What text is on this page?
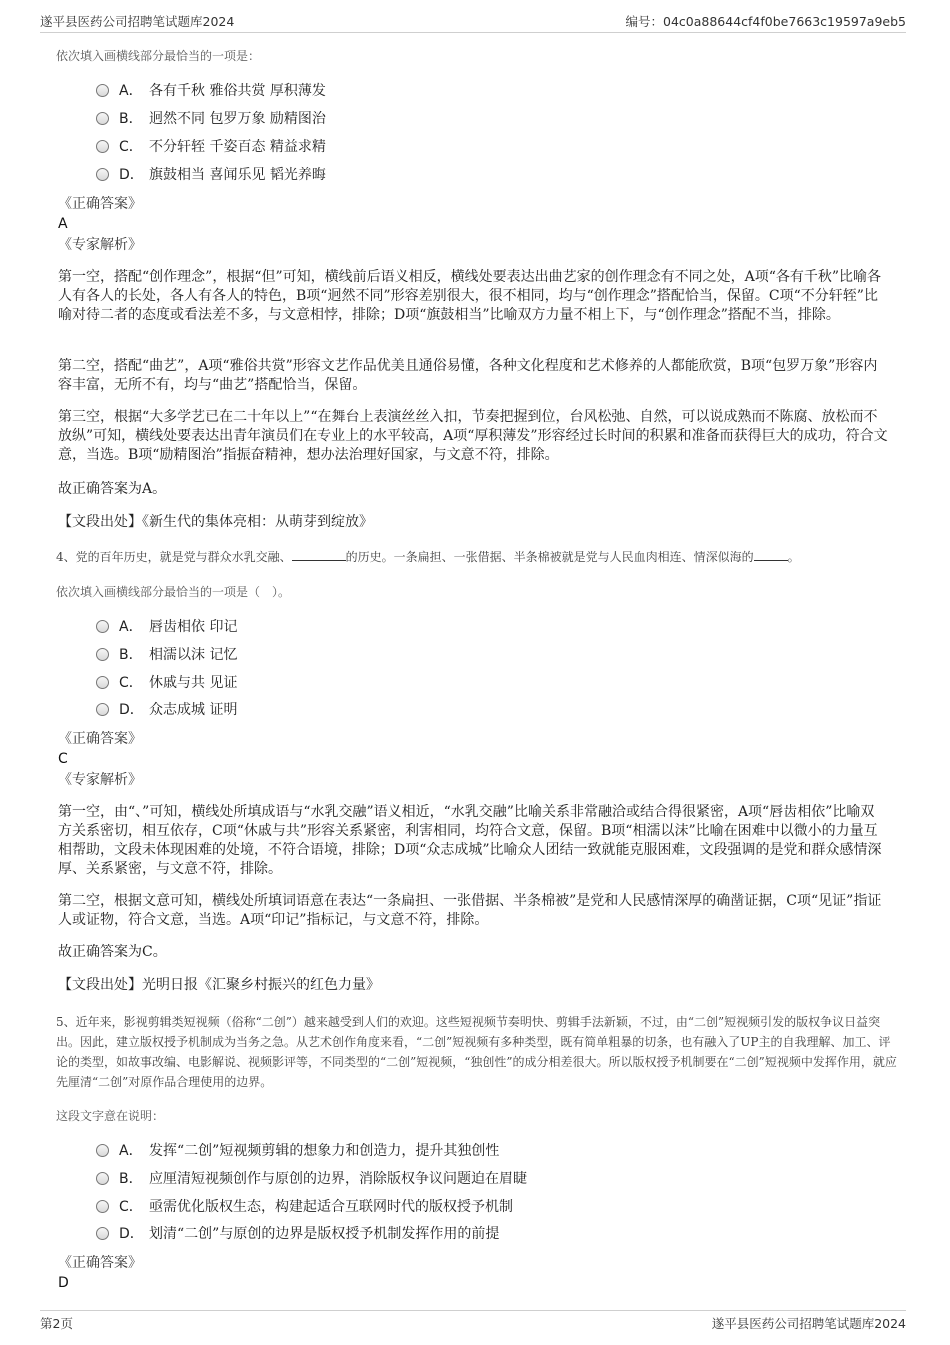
遂平县医药公司招聘笔试题库2024	编号：04c0a88644cf4f0be7663c19597a9eb5
依次填入画横线部分最恰当的一项是：
A． 各有千秋 雅俗共赏 厚积薄发
B． 迥然不同 包罗万象 励精图治
C． 不分轩轾 千姿百态 精益求精
D． 旗鼓相当 喜闻乐见 韬光养晦
《正确答案》
A
《专家解析》
第一空，搭配“创作理念”，根据“但”可知，横线前后语义相反，横线处要表达出曲艺家的创作理念有不同之处，A项“各有千秋”比喻各人有各人的长处，各人有各人的特色，B项“迥然不同”形容差别很大，很不相同，均与“创作理念”搭配恰当，保留。C项“不分轩轾”比喻对待二者的态度或看法差不多，与文意相悖，排除；D项“旗鼓相当”比喻双方力量不相上下，与“创作理念”搭配不当，排除。
第二空，搭配“曲艺”，A项“雅俗共赏”形容文艺作品优美且通俗易懂，各种文化程度和艺术修养的人都能欣赏，B项“包罗万象”形容内容丰富，无所不有，均与“曲艺”搭配恰当，保留。
第三空，根据“大多学艺已在二十年以上”“在舞台上表演丝丝入扣，节奏把握到位，台风松弛、自然，可以说成熟而不陈腐、放松而不放纵”可知，横线处要表达出青年演员们在专业上的水平较高，A项“厚积薄发”形容经过长时间的积累和准备而获得巨大的成功，符合文意，当选。B项“励精图治”指振奋精神，想办法治理好国家，与文意不符，排除。
故正确答案为A。
【文段出处】《新生代的集体亮相：从萌芽到绽放》
4、党的百年历史，就是党与群众水乳交融、	的历史。一条扁担、一张借据、半条棉被就是党与人民血肉相连、情深似海的	。
依次填入画横线部分最恰当的一项是（　）。
A． 唇齿相依 印记
B． 相濡以沫 记忆
C． 休戚与共 见证
D． 众志成城 证明
《正确答案》
C
《专家解析》
第一空，由“、”可知，横线处所填成语与“水乳交融”语义相近，“水乳交融”比喻关系非常融洽或结合得很紧密，A项“唇齿相依”比喻双方关系密切，相互依存，C项“休戚与共”形容关系紧密，利害相同，均符合文意，保留。B项“相濡以沫”比喻在困难中以微小的力量互相帮助，文段未体现困难的处境，不符合语境，排除；D项“众志成城”比喻众人团结一致就能克服困难，文段强调的是党和群众感情深厚、关系紧密，与文意不符，排除。
第二空，根据文意可知，横线处所填词语意在表达“一条扁担、一张借据、半条棉被”是党和人民感情深厚的确凿证据，C项“见证”指证人或证物，符合文意，当选。A项“印记”指标记，与文意不符，排除。
故正确答案为C。
【文段出处】光明日报《汇聚乡村振兴的红色力量》
5、近年来，影视剪辑类短视频（俗称“二创”）越来越受到人们的欢迎。这些短视频节奏明快、剪辑手法新颖，不过，由“二创”短视频引发的版权争议日益突出。因此，建立版权授予机制成为当务之急。从艺术创作角度来看，“二创”短视频有多种类型，既有简单粗暴的切条，也有融入了UP主的自我理解、加工、评论的类型，如故事改编、电影解说、视频影评等，不同类型的“二创”短视频，“独创性”的成分相差很大。所以版权授予机制要在“二创”短视频中发挥作用，就应先厘清“二创”对原作品合理使用的边界。
这段文字意在说明：
A． 发挥“二创”短视频剪辑的想象力和创造力，提升其独创性
B． 应厘清短视频创作与原创的边界，消除版权争议问题迫在眉睫
C． 亟需优化版权生态，构建起适合互联网时代的版权授予机制
D． 划清“二创”与原创的边界是版权授予机制发挥作用的前提
《正确答案》
D
第2页	遂平县医药公司招聘笔试题库2024
